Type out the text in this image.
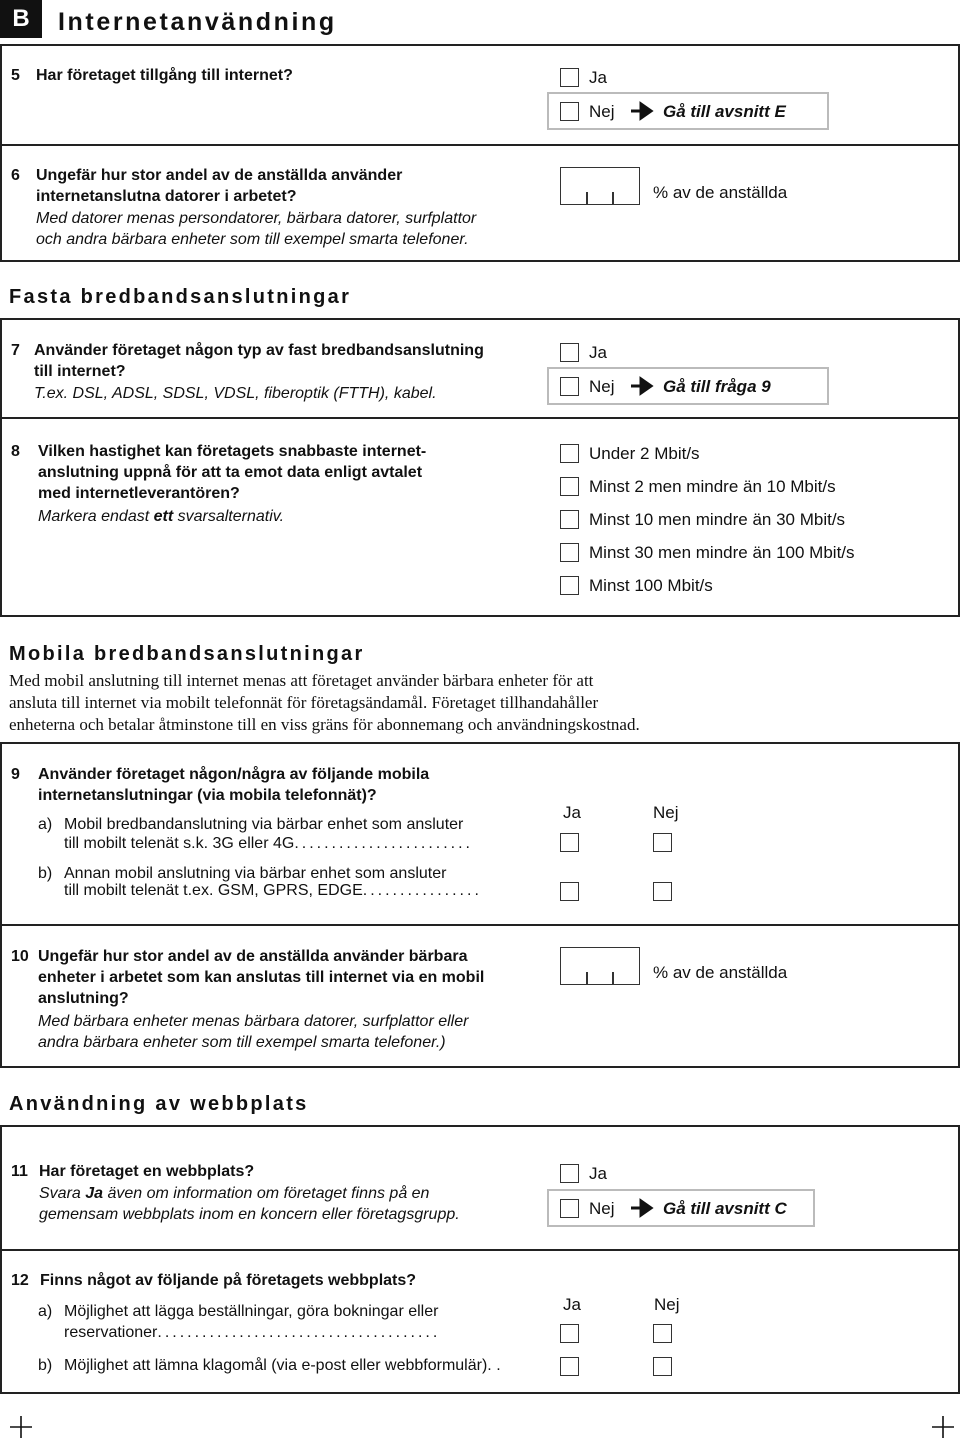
B	Internetanvändning
5 Har företaget tillgång till internet?	Ja
Nej	Gå till avsnitt E
6 Ungefär hur stor andel av de anställda använder
internetanslutna datorer i arbetet?
Med datorer menas persondatorer, bärbara datorer, surfplattor
och andra bärbara enheter som till exempel smarta telefoner.
% av de anställda
Fasta bredbandsanslutningar
7 Använder företaget någon typ av fast bredbandsanslutning
till internet?
T.ex. DSL, ADSL, SDSL, VDSL, fiberoptik (FTTH), kabel.
Ja
Nej	Gå till fråga 9
8 Vilken hastighet kan företagets snabbaste internet-
anslutning uppnå för att ta emot data enligt avtalet
med internetleverantören?
Markera endast ett svarsalternativ.
Under 2 Mbit/s
Minst 2 men mindre än 10 Mbit/s
Minst 10 men mindre än 30 Mbit/s
Minst 30 men mindre än 100 Mbit/s
Minst 100 Mbit/s
Mobila bredbandsanslutningar
Med mobil anslutning till internet menas att företaget använder bärbara enheter för att
ansluta till internet via mobilt telefonnät för företagsändamål. Företaget tillhandahåller
enheterna och betalar åtminstone till en viss gräns för abonnemang och användningskostnad.
9 Använder företaget någon/några av följande mobila
internetanslutningar (via mobila telefonnät)?
Ja	Nej
a) Mobil bredbandanslutning via bärbar enhet som ansluter
till mobilt telenät s.k. 3G eller 4G........................
b) Annan mobil anslutning via bärbar enhet som ansluter
till mobilt telenät t.ex. GSM, GPRS, EDGE................
10 Ungefär hur stor andel av de anställda använder bärbara
enheter i arbetet som kan anslutas till internet via en mobil
anslutning?
Med bärbara enheter menas bärbara datorer, surfplattor eller
andra bärbara enheter som till exempel smarta telefoner.)
% av de anställda
Användning av webbplats
11 Har företaget en webbplats?
Svara Ja även om information om företaget finns på en
gemensam webbplats inom en koncern eller företagsgrupp.
Ja
Nej	Gå till avsnitt C
12 Finns något av följande på företagets webbplats?
Ja	Nej
a) Möjlighet att lägga beställningar, göra bokningar eller
reservationer......................................
b) Möjlighet att lämna klagomål (via e-post eller webbformulär). .
